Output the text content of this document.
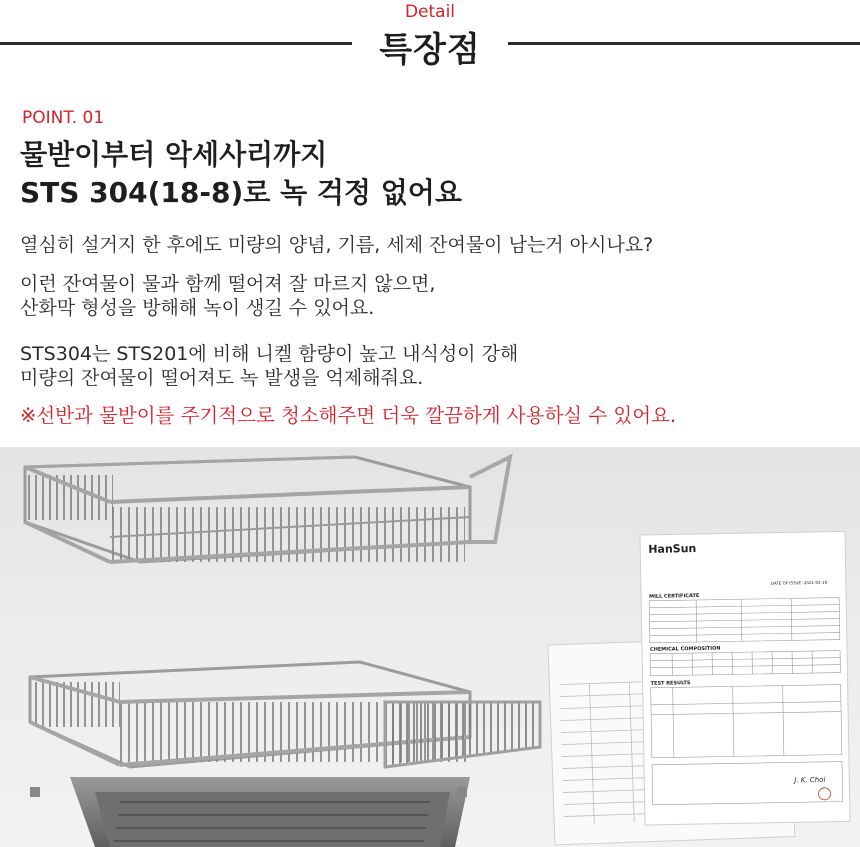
Detail
특장점
POINT. 01
물받이부터 악세사리까지
STS 304(18-8)로 녹 걱정 없어요
열심히 설거지 한 후에도 미량의 양념, 기름, 세제 잔여물이 남는거 아시나요?
이런 잔여물이 물과 함께 떨어져 잘 마르지 않으면,
산화막 형성을 방해해 녹이 생길 수 있어요.
STS304는 STS201에 비해 니켈 함량이 높고 내식성이 강해
미량의 잔여물이 떨어져도 녹 발생을 억제해줘요.
※선반과 물받이를 주기적으로 청소해주면 더욱 깔끔하게 사용하실 수 있어요.
HanSun
DATE OF ISSUE : 2021-03-16
MILL CERTIFICATE
CHEMICAL COMPOSITION
TEST RESULTS
J. K. Choi
